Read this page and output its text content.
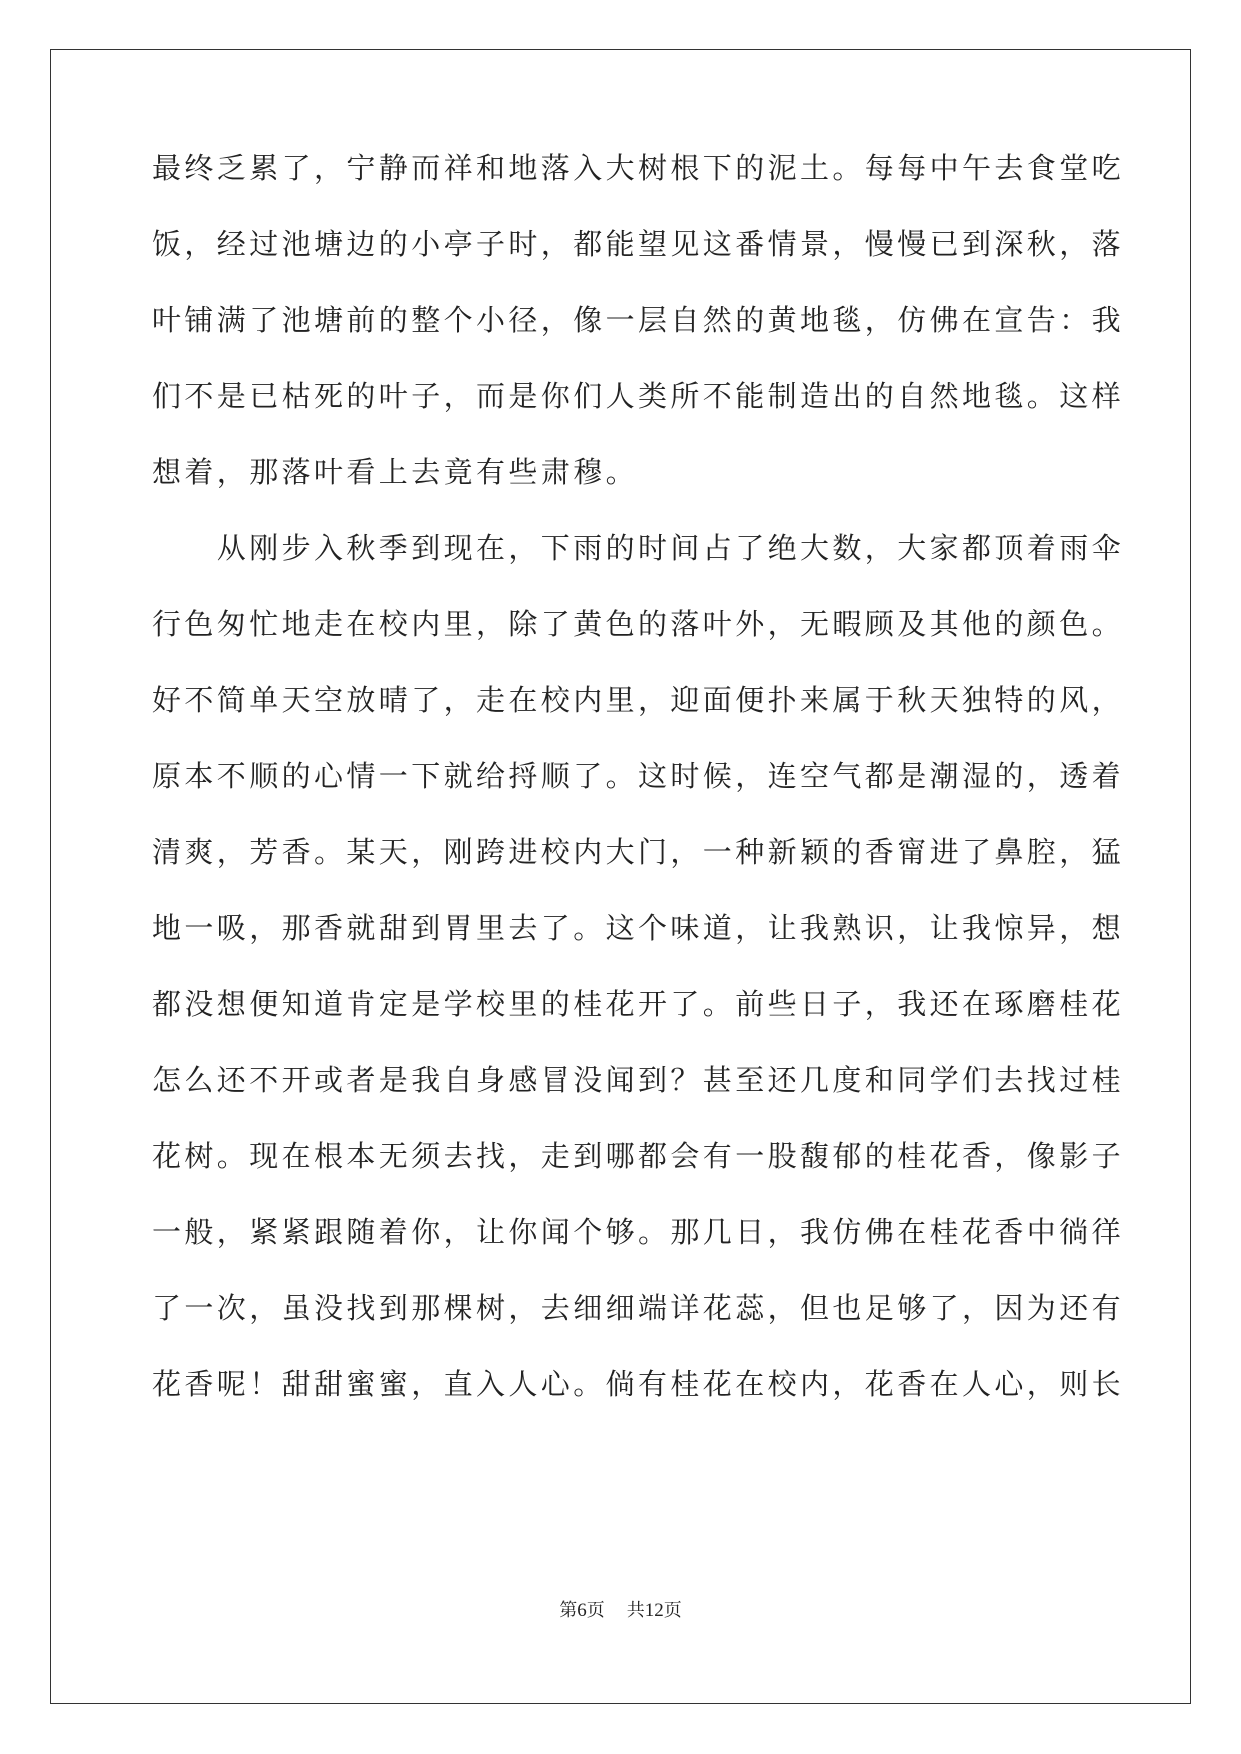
最终乏累了，宁静而祥和地落入大树根下的泥土。每每中午去食堂吃
饭，经过池塘边的小亭子时，都能望见这番情景，慢慢已到深秋，落
叶铺满了池塘前的整个小径，像一层自然的黄地毯，仿佛在宣告：我
们不是已枯死的叶子，而是你们人类所不能制造出的自然地毯。这样
想着，那落叶看上去竟有些肃穆。
　　从刚步入秋季到现在，下雨的时间占了绝大数，大家都顶着雨伞
行色匆忙地走在校内里，除了黄色的落叶外，无暇顾及其他的颜色。
好不简单天空放晴了，走在校内里，迎面便扑来属于秋天独特的风，
原本不顺的心情一下就给捋顺了。这时候，连空气都是潮湿的，透着
清爽，芳香。某天，刚跨进校内大门，一种新颖的香甯进了鼻腔，猛
地一吸，那香就甜到胃里去了。这个味道，让我熟识，让我惊异，想
都没想便知道肯定是学校里的桂花开了。前些日子，我还在琢磨桂花
怎么还不开或者是我自身感冒没闻到？甚至还几度和同学们去找过桂
花树。现在根本无须去找，走到哪都会有一股馥郁的桂花香，像影子
一般，紧紧跟随着你，让你闻个够。那几日，我仿佛在桂花香中徜徉
了一次，虽没找到那棵树，去细细端详花蕊，但也足够了，因为还有
花香呢！甜甜蜜蜜，直入人心。倘有桂花在校内，花香在人心，则长
第6页 共12页
